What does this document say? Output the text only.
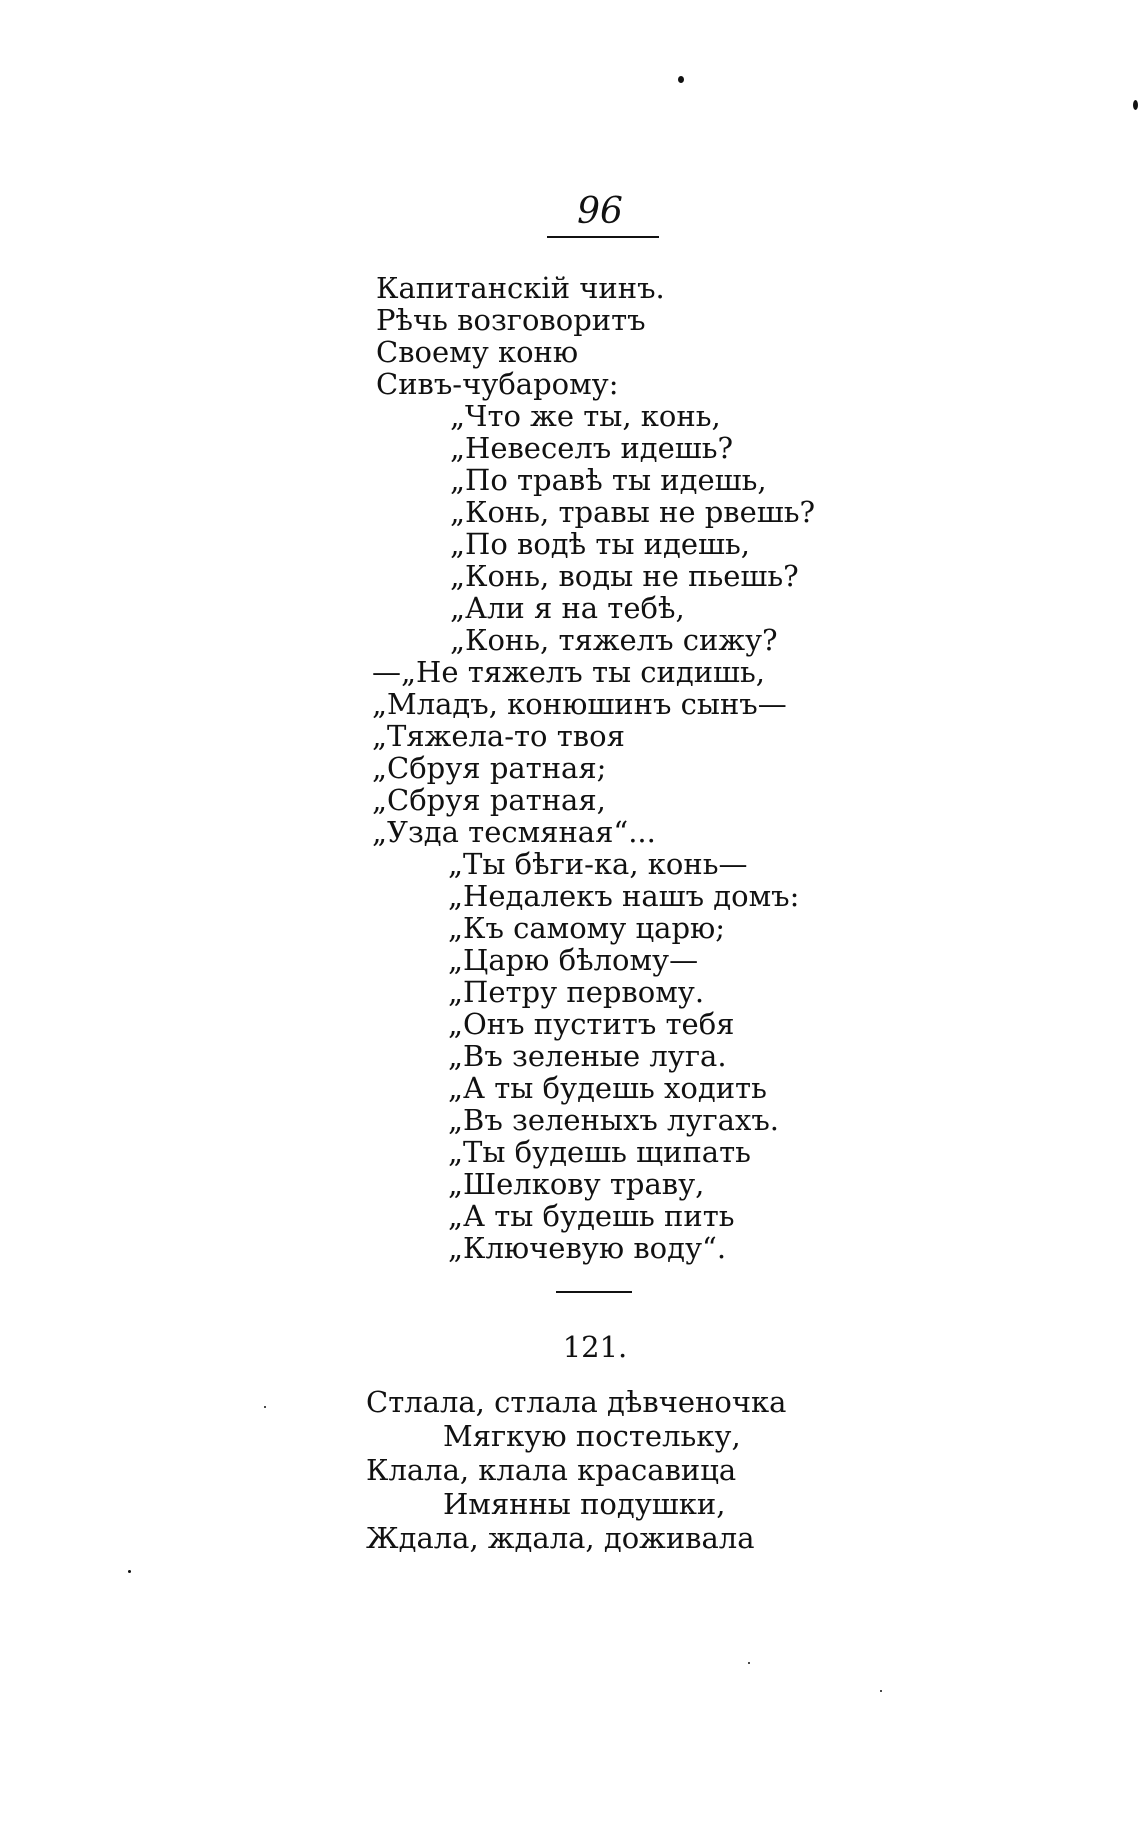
96
Капитанскій чинъ.
Рѣчь возговоритъ
Своему коню
Сивъ-чубарому:
„Что же ты, конь,
„Невеселъ идешь?
„По травѣ ты идешь,
„Конь, травы не рвешь?
„По водѣ ты идешь,
„Конь, воды не пьешь?
„Али я на тебѣ,
„Конь, тяжелъ сижу?
—„Не тяжелъ ты сидишь,
„Младъ, конюшинъ сынъ—
„Тяжела-то твоя
„Сбруя ратная;
„Сбруя ратная,
„Узда тесмяная“...
„Ты бѣги-ка, конь—
„Недалекъ нашъ домъ:
„Къ самому царю;
„Царю бѣлому—
„Петру первому.
„Онъ пуститъ тебя
„Въ зеленые луга.
„А ты будешь ходить
„Въ зеленыхъ лугахъ.
„Ты будешь щипать
„Шелкову траву,
„А ты будешь пить
„Ключевую воду“.
121.
Стлала, стлала дѣвченочка
Мягкую постельку,
Клала, клала красавица
Имянны подушки,
Ждала, ждала, доживала
